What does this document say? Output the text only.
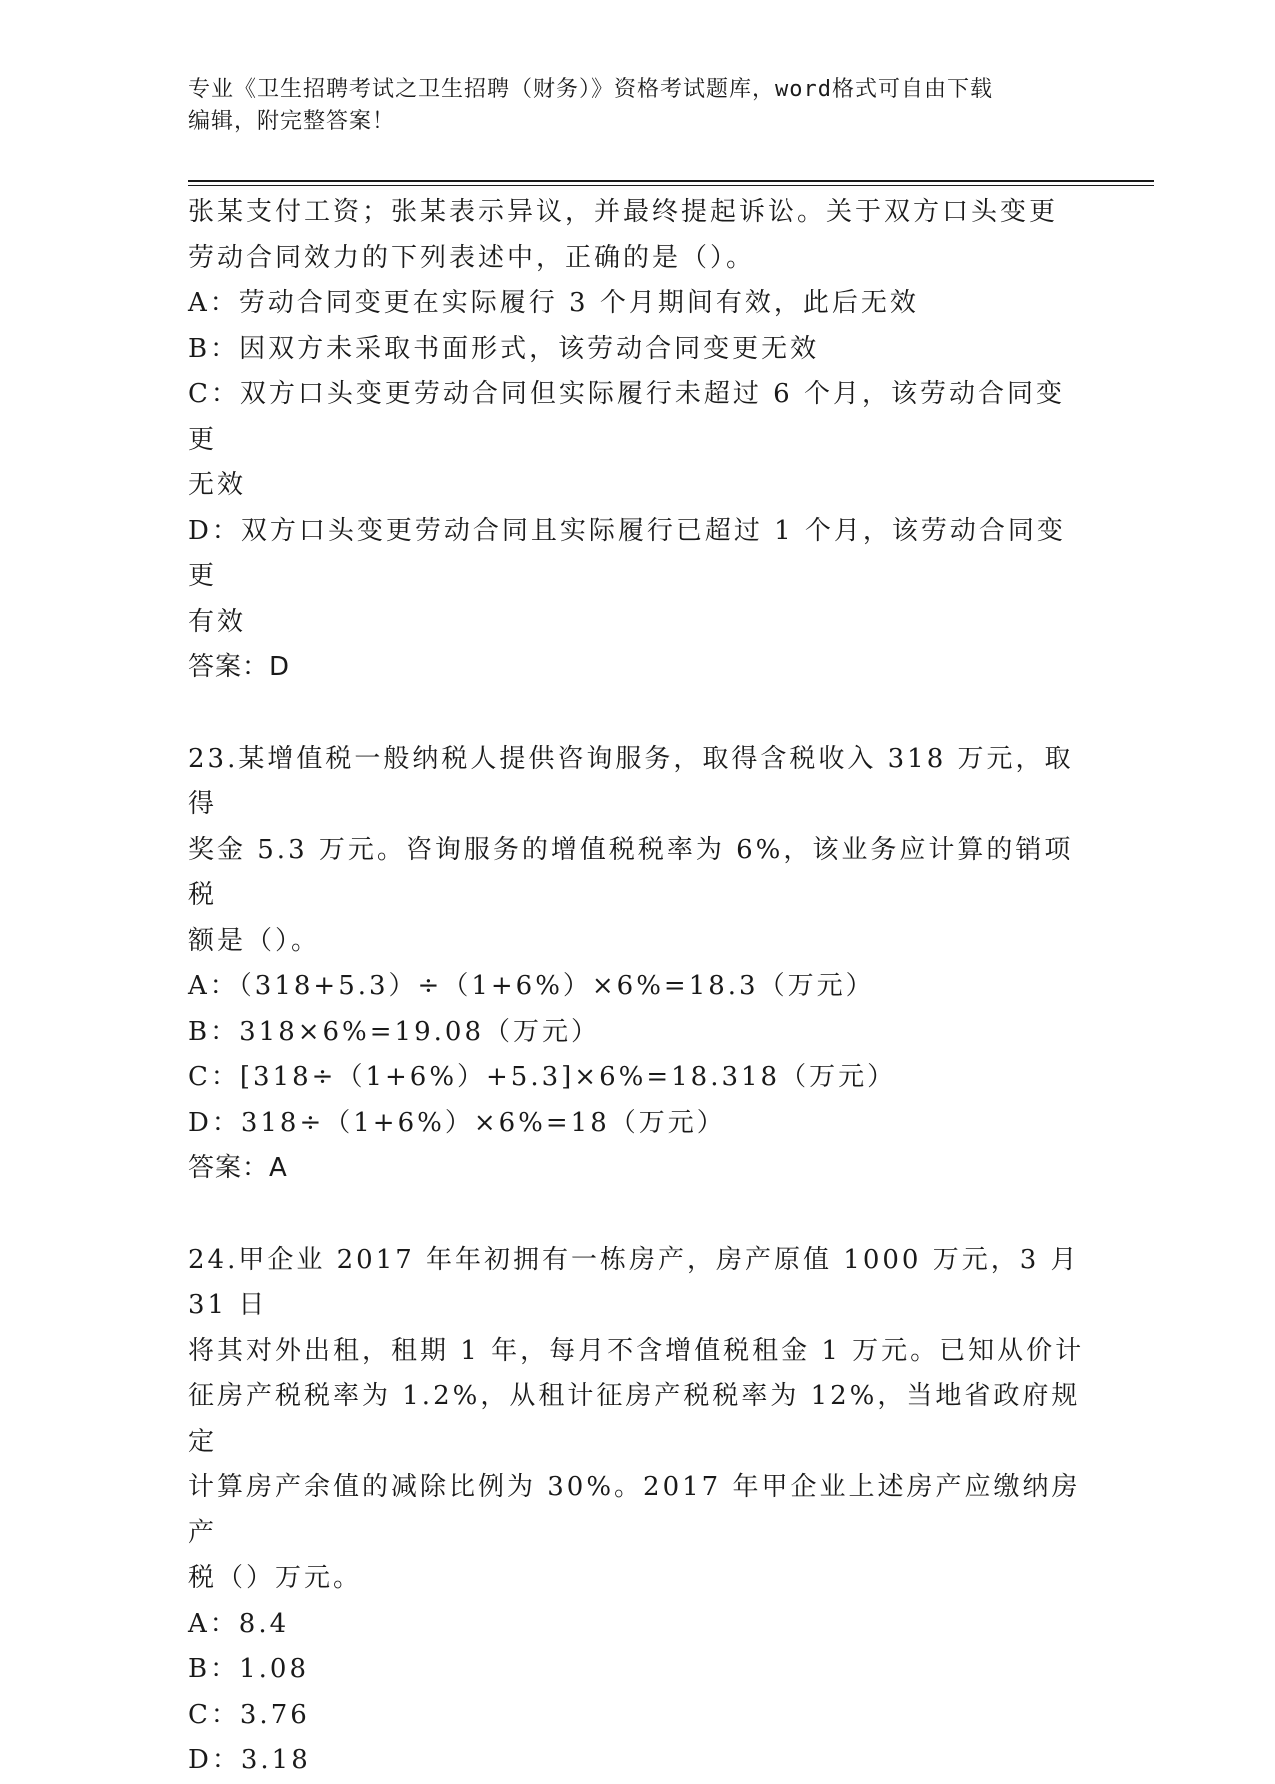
专业《卫生招聘考试之卫生招聘（财务）》资格考试题库，word格式可自由下载
编辑，附完整答案！

张某支付工资；张某表示异议，并最终提起诉讼。关于双方口头变更

劳动合同效力的下列表述中，正确的是（）。

A：劳动合同变更在实际履行 3 个月期间有效，此后无效

B：因双方未采取书面形式，该劳动合同变更无效

C：双方口头变更劳动合同但实际履行未超过 6 个月，该劳动合同变更

无效

D：双方口头变更劳动合同且实际履行已超过 1 个月，该劳动合同变更

有效

答案：D

23.某增值税一般纳税人提供咨询服务，取得含税收入 318 万元，取得

奖金 5.3 万元。咨询服务的增值税税率为 6%，该业务应计算的销项税

额是（）。

A：（318+5.3）÷（1+6%）×6%=18.3（万元）

B：318×6%=19.08（万元）

C：[318÷（1+6%）+5.3]×6%=18.318（万元）

D：318÷（1+6%）×6%=18（万元）

答案：A

24.甲企业 2017 年年初拥有一栋房产，房产原值 1000 万元，3 月 31 日

将其对外出租，租期 1 年，每月不含增值税租金 1 万元。已知从价计

征房产税税率为 1.2%，从租计征房产税税率为 12%，当地省政府规定

计算房产余值的减除比例为 30%。2017 年甲企业上述房产应缴纳房产

税（）万元。

A：8.4

B：1.08

C：3.76

D：3.18
